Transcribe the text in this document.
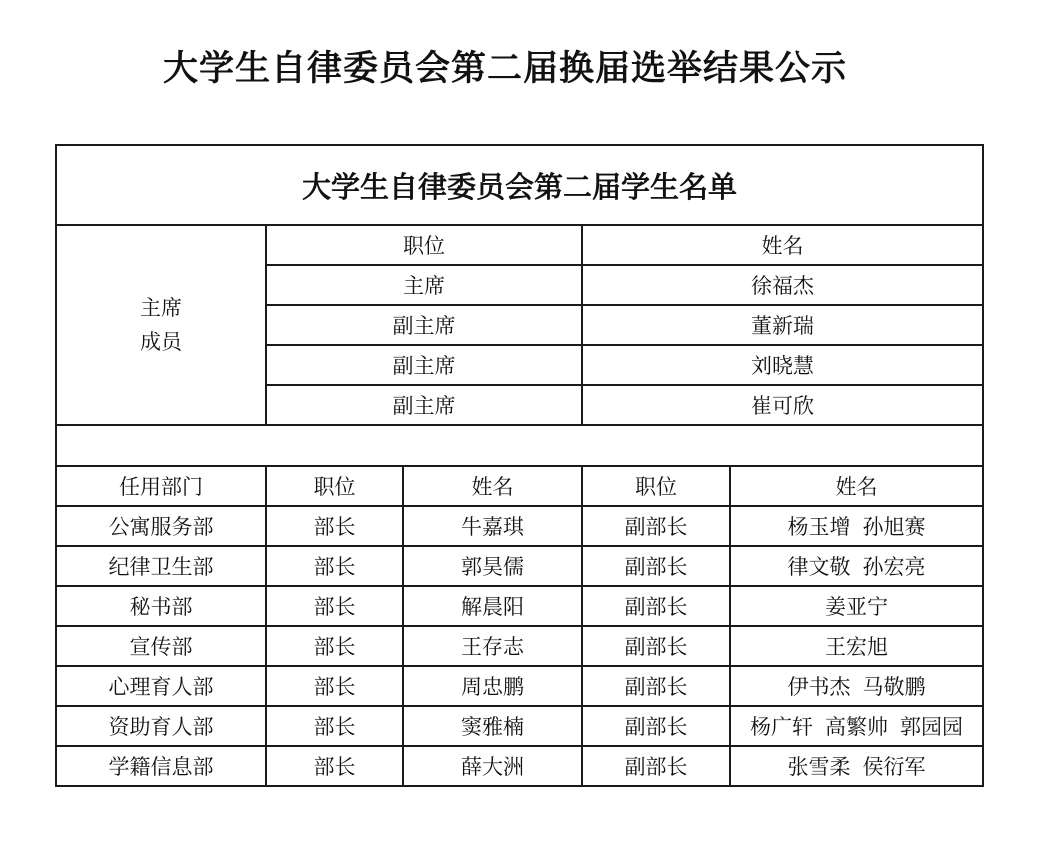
大学生自律委员会第二届换届选举结果公示
大学生自律委员会第二届学生名单				

主席
成员	职位		姓名	
	主席		徐福杰	
	副主席		董新瑞	
	副主席		刘晓慧	
	副主席		崔可欣	

任用部门	职位	姓名	职位	姓名
公寓服务部	部长	牛嘉琪	副部长	杨玉增 孙旭赛
纪律卫生部	部长	郭昊儒	副部长	律文敬 孙宏亮
秘书部	部长	解晨阳	副部长	姜亚宁
宣传部	部长	王存志	副部长	王宏旭
心理育人部	部长	周忠鹏	副部长	伊书杰 马敬鹏
资助育人部	部长	窦雅楠	副部长	杨广轩 高繁帅 郭园园
学籍信息部	部长	薛大洲	副部长	张雪柔 侯衍军
